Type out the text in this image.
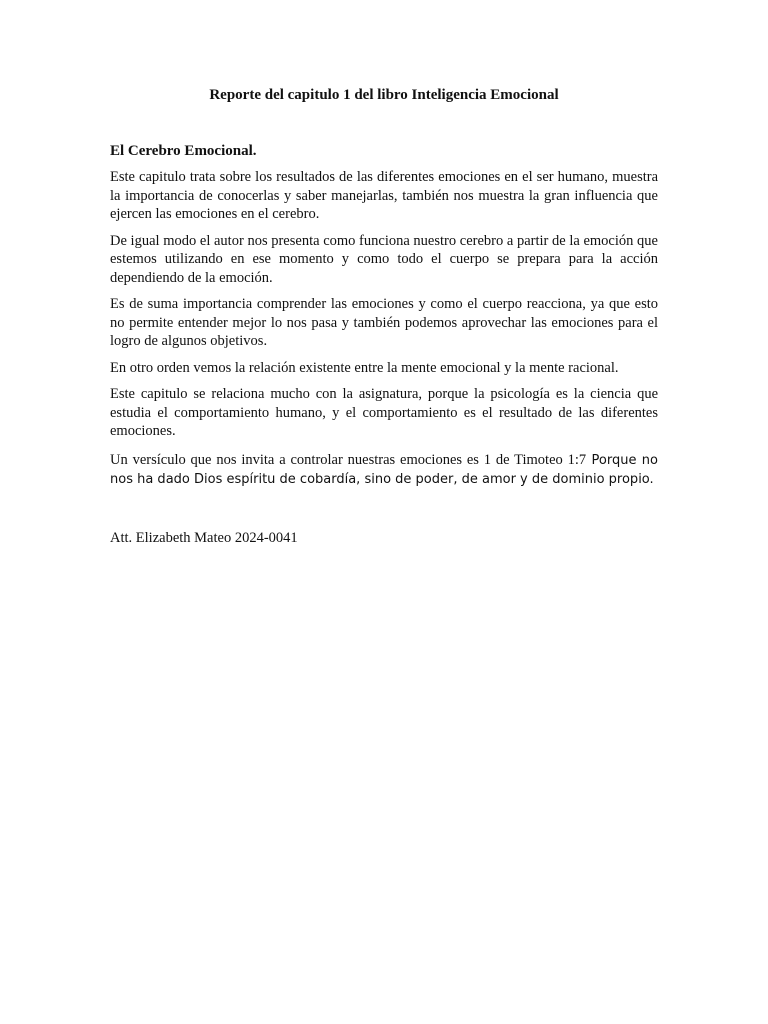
Reporte del capitulo 1 del libro Inteligencia Emocional

El Cerebro Emocional.

Este capitulo trata sobre los resultados de las diferentes emociones en el ser humano, muestra la importancia de conocerlas y saber manejarlas, también nos muestra la gran influencia que ejercen las emociones en el cerebro.

De igual modo el autor nos presenta como funciona nuestro cerebro a partir de la emoción que estemos utilizando en ese momento y como todo el cuerpo se prepara para la acción dependiendo de la emoción.

Es de suma importancia comprender las emociones y como el cuerpo reacciona, ya que esto no permite entender mejor lo nos pasa y también podemos aprovechar las emociones para el logro de algunos objetivos.

En otro orden vemos la relación existente entre la mente emocional y la mente racional.

Este capitulo se relaciona mucho con la asignatura, porque la psicología es la ciencia que estudia el comportamiento humano, y el comportamiento es el resultado de las diferentes emociones.

Un versículo que nos invita a controlar nuestras emociones es 1 de Timoteo 1:7 Porque no nos ha dado Dios espíritu de cobardía, sino de poder, de amor y de dominio propio.

Att. Elizabeth Mateo 2024-0041
